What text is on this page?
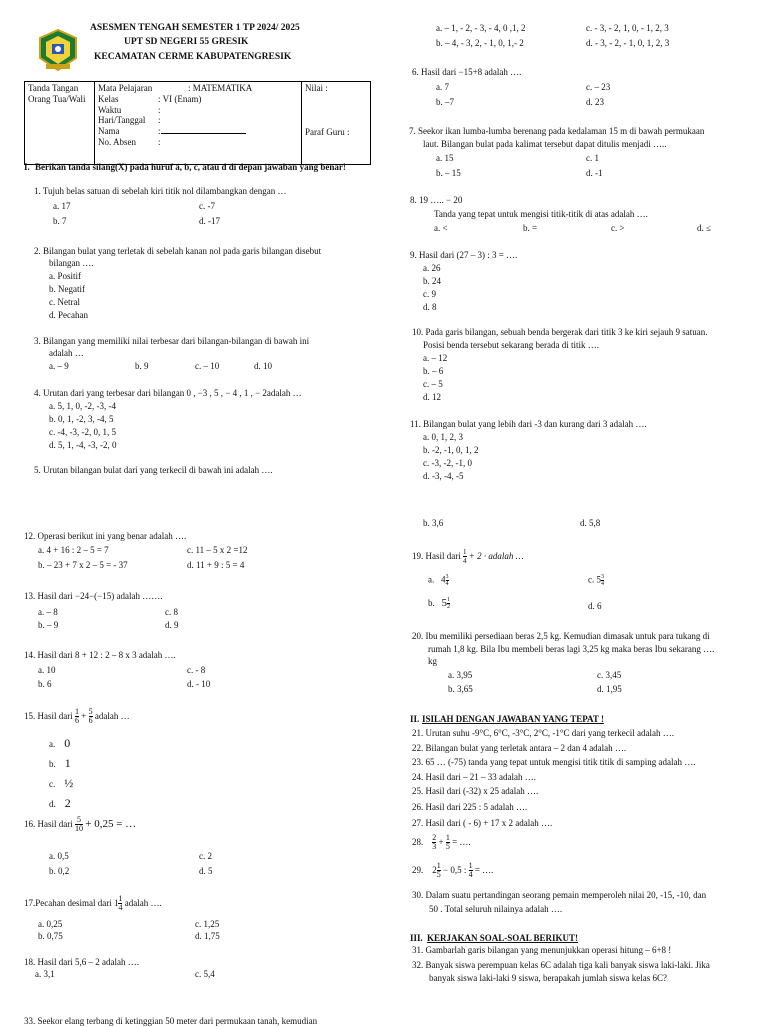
ASESMEN TENGAH SEMESTER 1 TP 2024/ 2025
UPT SD NEGERI 55 GRESIK
KECAMATAN CERME KABUPATENGRESIK
Tanda Tangan Orang Tua/Wali

Mata Pelajaran	: MATEMATIKA
Kelas	: VI (Enam)
Waktu	:
Hari/Tanggal :
Nama	:
No. Absen :

Nilai :
Paraf Guru :
I. Berikan tanda silang(X) pada huruf a, b, c, atau d di depan jawaban yang benar!
1. Tujuh belas satuan di sebelah kiri titik nol dilambangkan dengan …
a. 17
b. 7
c. -7
d. -17
2. Bilangan bulat yang terletak di sebelah kanan nol pada garis bilangan disebut
bilangan ….
a. Positif
b. Negatif
c. Netral
d. Pecahan
3. Bilangan yang memiliki nilai terbesar dari bilangan-bilangan di bawah ini
adalah …
a. – 9	b. 9	c. – 10	d. 10
4. Urutan dari yang terbesar dari bilangan 0 , −3 , 5 , − 4 , 1 , − 2adalah …
a. 5, 1, 0, -2, -3, -4
b. 0, 1, -2, 3, -4, 5
c. -4, -3, -2, 0, 1, 5
d. 5, 1, -4, -3, -2, 0
5. Urutan bilangan bulat dari yang terkecil di bawah ini adalah ….
12. Operasi berikut ini yang benar adalah ….
a. 4 + 16 : 2 – 5 = 7
b. – 23 + 7 x 2 – 5 = - 37
c. 11 – 5 x 2 =12
d. 11 + 9 : 5 = 4
13. Hasil dari −24−(−15) adalah …….
a. – 8
b. – 9
c. 8
d. 9
14. Hasil dari 8 + 12 : 2 – 8 x 3 adalah ….
a. 10
b. 6
c. - 8
d. - 10
15. Hasil dari $\frac{1}{6} + \frac{5}{6}$ adalah …
a. 0
b. 1
c. ½
d. 2
16. Hasil dari $\frac{5}{10} + 0,25$ = …
a. 0,5
b. 0,2
c. 2
d. 5
17.Pecahan desimal dari $1 \frac{1}{4}$ adalah ….
a. 0,25
b. 0,75
c. 1,25
d. 1,75
18. Hasil dari 5,6 – 2 adalah ….
a. 3,1	c. 5,4
33. Seekor elang terbang di ketinggian 50 meter dari permukaan tanah, kemudian
a. – 1, - 2, - 3, - 4, 0 ,1, 2
b. – 4, - 3, 2, - 1, 0, 1,- 2
c. - 3, - 2, 1, 0, - 1, 2, 3
d. - 3, - 2, - 1, 0, 1, 2, 3
6. Hasil dari −15+8 adalah ….
a. 7
b. –7
c. – 23
d. 23
7. Seekor ikan lumba-lumba berenang pada kedalaman 15 m di bawah permukaan
laut. Bilangan bulat pada kalimat tersebut dapat ditulis menjadi …..
a. 15
b. – 15
c. 1
d. -1
8. 19 ….. − 20
Tanda yang tepat untuk mengisi titik-titik di atas adalah ….
a. <	b. =	c. >	d. ≤
9. Hasil dari (27 – 3) : 3 = ….
a. 26
b. 24
c. 9
d. 8
10. Pada garis bilangan, sebuah benda bergerak dari titik 3 ke kiri sejauh 9 satuan.
Posisi benda tersebut sekarang berada di titik ….
a. – 12
b. – 6
c. – 5
d. 12
11. Bilangan bulat yang lebih dari -3 dan kurang dari 3 adalah ….
a. 0, 1, 2, 3
b. -2, -1, 0, 1, 2
c. -3, -2, -1, 0
d. -3, -4, -5
b. 3,6	d. 5,8
19. Hasil dari $\frac{1}{4} + 2$ · adalah …
a. $4 \frac{3}{4}$
b. $5 \frac{1}{2}$
c. $5 \frac{3}{4}$
d. 6
20. Ibu memiliki persediaan beras 2,5 kg. Kemudian dimasak untuk para tukang di
rumah 1,8 kg. Bila Ibu membeli beras lagi 3,25 kg maka beras Ibu sekarang ….
kg
a. 3,95
b. 3,65
c. 3,45
d. 1,95
II. ISILAH DENGAN JAWABAN YANG TEPAT !
21. Urutan suhu -9°C, 6°C, -3°C, 2°C, -1°C dari yang terkecil adalah ….
22. Bilangan bulat yang terletak antara – 2 dan 4 adalah ….
23. 65 … (-75) tanda yang tepat untuk mengisi titik titik di samping adalah ….
24. Hasil dari – 21 – 33 adalah ….
25. Hasil dari (-32) x 25 adalah ….
26. Hasil dari 225 : 5 adalah ….
27. Hasil dari ( - 6) + 17 x 2 adalah ….
28. $\frac{2}{3} + \frac{1}{5}$ = ….
29. $2 \frac{1}{5} - 0,5$ : $\frac{1}{4}$ = ….
30. Dalam suatu pertandingan seorang pemain memperoleh nilai 20, -15, -10, dan
50 . Total seluruh nilainya adalah ….
III. KERJAKAN SOAL-SOAL BERIKUT!
31. Gambarlah garis bilangan yang menunjukkan operasi hitung – 6+8 !
32. Banyak siswa perempuan kelas 6C adalah tiga kali banyak siswa laki-laki. Jika
banyak siswa laki-laki 9 siswa, berapakah jumlah siswa kelas 6C?
